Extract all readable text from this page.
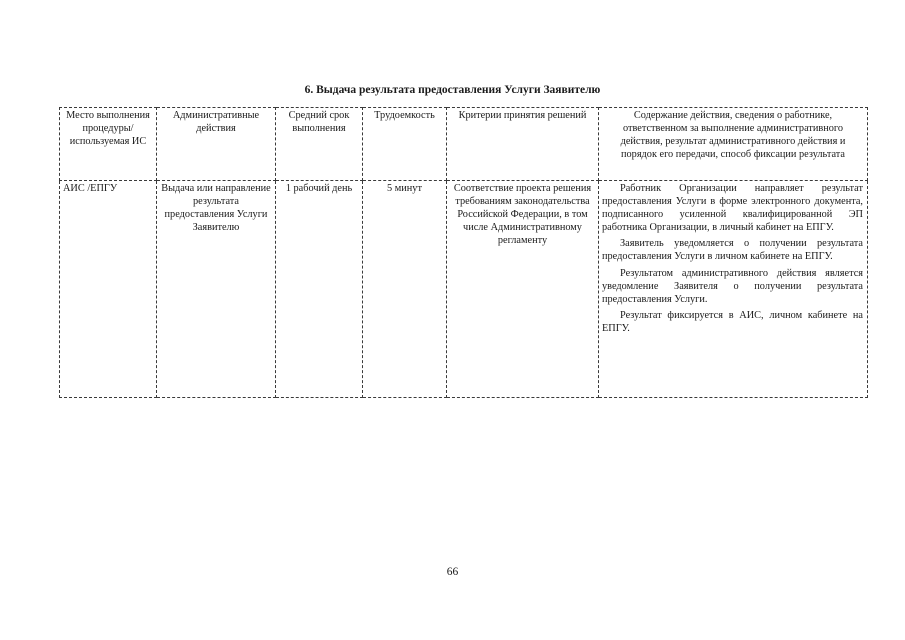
6. Выдача результата предоставления Услуги Заявителю
Место выполнения процедуры/ используемая ИС	Административные действия	Средний срок выполнения	Трудоемкость	Критерии принятия решений	Содержание действия, сведения о работнике, ответственном за выполнение административного действия, результат административного действия и порядок его передачи, способ фиксации результата
АИС /ЕПГУ	Выдача или направление результата предоставления Услуги Заявителю	1 рабочий день	5 минут	Соответствие проекта решения требованиям законодательства Российской Федерации, в том числе Административному регламенту	Работник Организации направляет результат предоставления Услуги в форме электронного документа, подписанного усиленной квалифицированной ЭП работника Организации, в личный кабинет на ЕПГУ.

Заявитель уведомляется о получении результата предоставления Услуги в личном кабинете на ЕПГУ.

Результатом административного действия является уведомление Заявителя о получении результата предоставления Услуги.

Результат фиксируется в АИС, личном кабинете на ЕПГУ.

66
